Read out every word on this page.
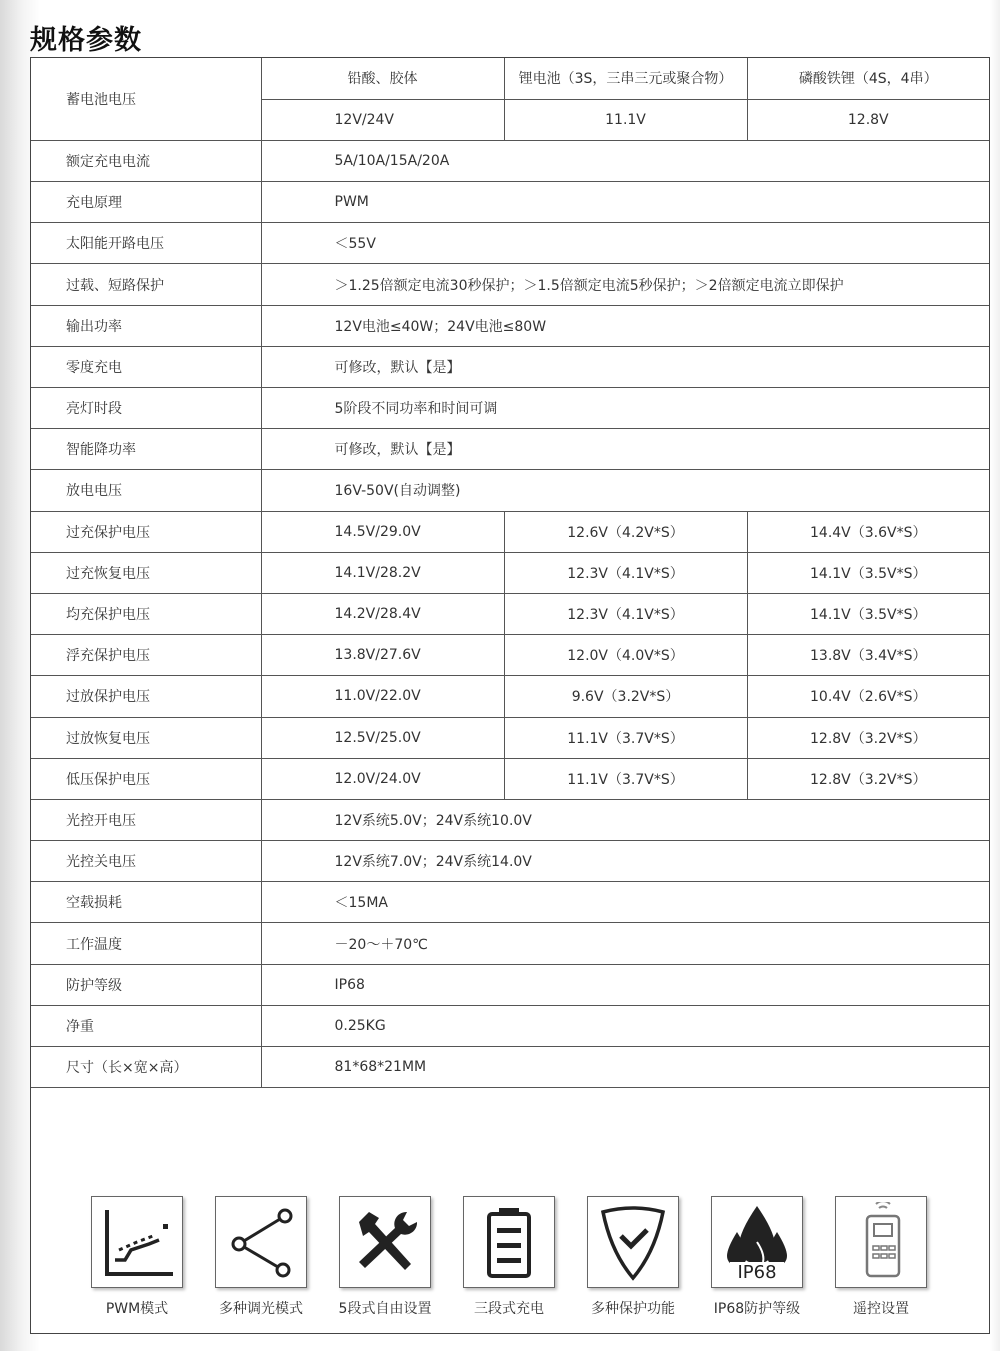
规格参数
蓄电池电压	铅酸、胶体	锂电池（3S，三串三元或聚合物）	磷酸铁锂（4S，4串）
	12V/24V	11.1V	12.8V
额定充电电流	5A/10A/15A/20A		
充电原理	PWM		
太阳能开路电压	＜55V		
过载、短路保护	＞1.25倍额定电流30秒保护；＞1.5倍额定电流5秒保护；＞2倍额定电流立即保护		
输出功率	12V电池≤40W；24V电池≤80W		
零度充电	可修改，默认【是】		
亮灯时段	5阶段不同功率和时间可调		
智能降功率	可修改，默认【是】		
放电电压	16V-50V(自动调整)		
过充保护电压	14.5V/29.0V	12.6V（4.2V*S）	14.4V（3.6V*S）
过充恢复电压	14.1V/28.2V	12.3V（4.1V*S）	14.1V（3.5V*S）
均充保护电压	14.2V/28.4V	12.3V（4.1V*S）	14.1V（3.5V*S）
浮充保护电压	13.8V/27.6V	12.0V（4.0V*S）	13.8V（3.4V*S）
过放保护电压	11.0V/22.0V	9.6V（3.2V*S）	10.4V（2.6V*S）
过放恢复电压	12.5V/25.0V	11.1V（3.7V*S）	12.8V（3.2V*S）
低压保护电压	12.0V/24.0V	11.1V（3.7V*S）	12.8V（3.2V*S）
光控开电压	12V系统5.0V；24V系统10.0V		
光控关电压	12V系统7.0V；24V系统14.0V		
空载损耗	＜15MA		
工作温度	－20～＋70℃		
防护等级	IP68		
净重	0.25KG		
尺寸（长×宽×高）	81*68*21MM		
PWM模式	多种调光模式	5段式自由设置	三段式充电	多种保护功能
IP68
IP68防护等级	遥控设置
